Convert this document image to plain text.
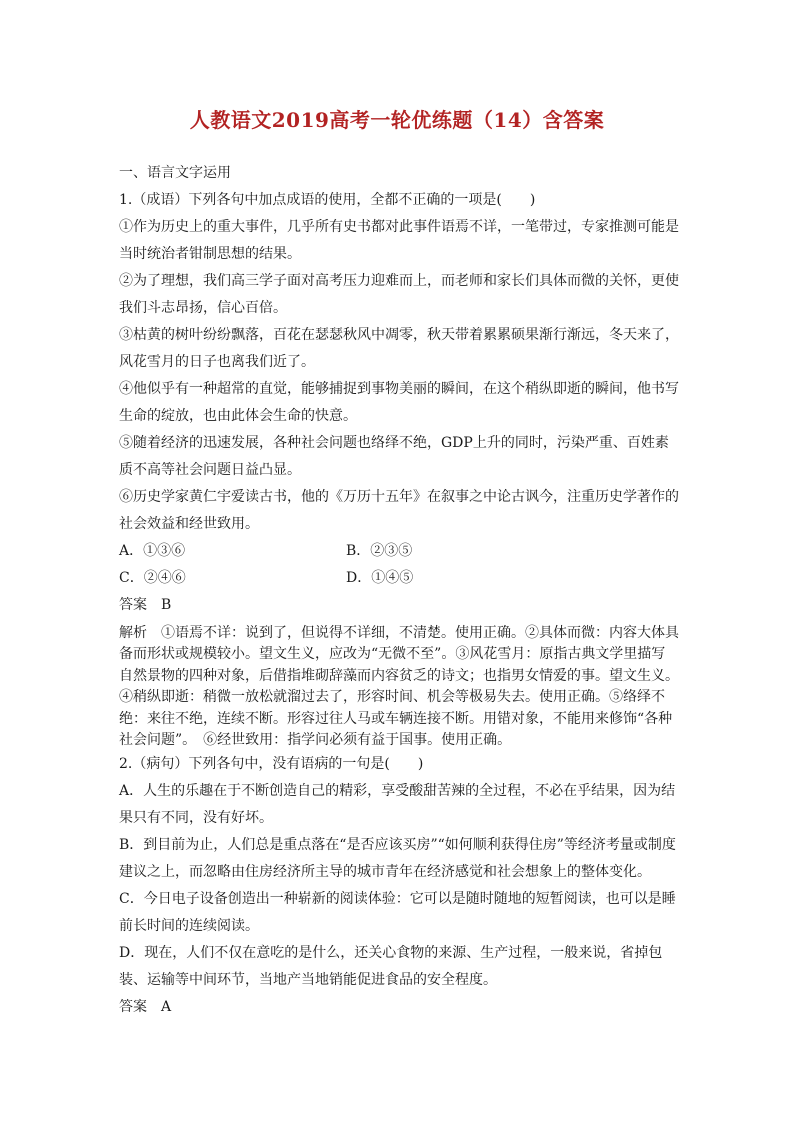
人教语文2019高考一轮优练题（14）含答案

一、语言文字运用

1.（成语）下列各句中加点成语的使用，全都不正确的一项是(　　)

①作为历史上的重大事件，几乎所有史书都对此事件语焉不详，一笔带过，专家推测可能是当时统治者钳制思想的结果。

②为了理想，我们高三学子面对高考压力迎难而上，而老师和家长们具体而微的关怀，更使我们斗志昂扬，信心百倍。

③枯黄的树叶纷纷飘落，百花在瑟瑟秋风中凋零，秋天带着累累硕果渐行渐远，冬天来了，风花雪月的日子也离我们近了。

④他似乎有一种超常的直觉，能够捕捉到事物美丽的瞬间，在这个稍纵即逝的瞬间，他书写生命的绽放，也由此体会生命的快意。

⑤随着经济的迅速发展，各种社会问题也络绎不绝，GDP上升的同时，污染严重、百姓素质不高等社会问题日益凸显。

⑥历史学家黄仁宇爱读古书，他的《万历十五年》在叙事之中论古讽今，注重历史学著作的社会效益和经世致用。

A．①③⑥	B．②③⑤
C．②④⑥	D．①④⑤

答案　B

解析　①语焉不详：说到了，但说得不详细，不清楚。使用正确。②具体而微：内容大体具备而形状或规模较小。望文生义，应改为“无微不至”。③风花雪月：原指古典文学里描写自然景物的四种对象，后借指堆砌辞藻而内容贫乏的诗文；也指男女情爱的事。望文生义。④稍纵即逝：稍微一放松就溜过去了，形容时间、机会等极易失去。使用正确。⑤络绎不绝：来往不绝，连续不断。形容过往人马或车辆连接不断。用错对象，不能用来修饰“各种社会问题”。　⑥经世致用：指学问必须有益于国事。使用正确。

2.（病句）下列各句中，没有语病的一句是(　　)

A．人生的乐趣在于不断创造自己的精彩，享受酸甜苦辣的全过程，不必在乎结果，因为结果只有不同，没有好坏。

B．到目前为止，人们总是重点落在“是否应该买房”“如何顺利获得住房”等经济考量或制度建议之上，而忽略由住房经济所主导的城市青年在经济感觉和社会想象上的整体变化。

C．今日电子设备创造出一种崭新的阅读体验：它可以是随时随地的短暂阅读，也可以是睡前长时间的连续阅读。

D．现在，人们不仅在意吃的是什么，还关心食物的来源、生产过程，一般来说，省掉包装、运输等中间环节，当地产当地销能促进食品的安全程度。

答案　A
